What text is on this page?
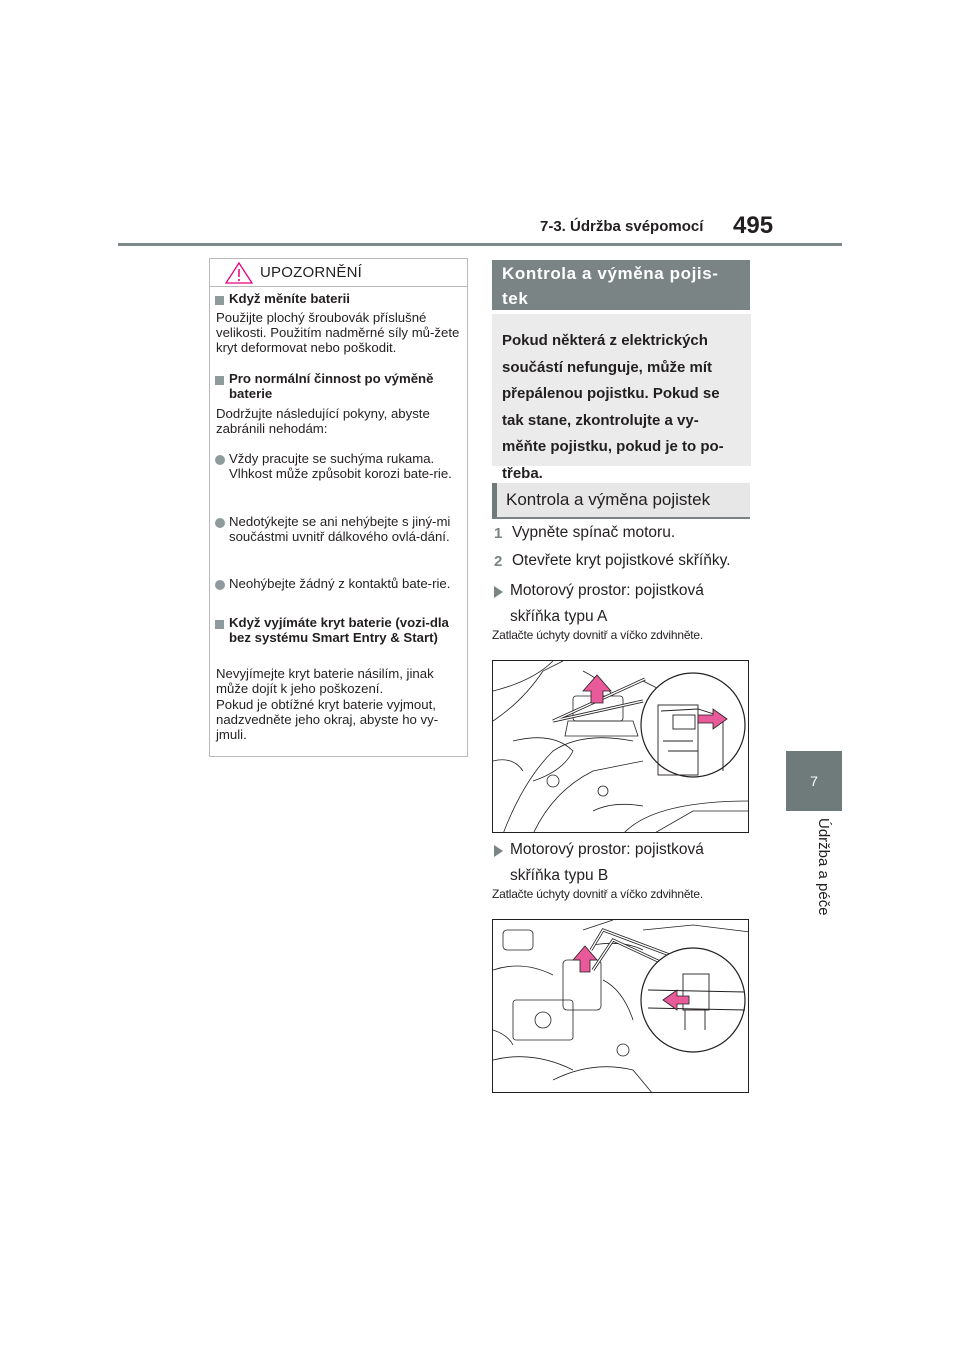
7-3. Údržba svépomocí 495
7
Údržba a péče
UPOZORNĚNÍ
Když měníte baterii
Použijte plochý šroubovák příslušné velikosti. Použitím nadměrné síly mů-žete kryt deformovat nebo poškodit.
Pro normální činnost po výměně baterie
Dodržujte následující pokyny, abyste zabránili nehodám:
Vždy pracujte se suchýma rukama. Vlhkost může způsobit korozi bate-rie.
Nedotýkejte se ani nehýbejte s jiný-mi součástmi uvnitř dálkového ovlá-dání.
Neohýbejte žádný z kontaktů bate-rie.
Když vyjímáte kryt baterie (vozi-dla bez systému Smart Entry & Start)
Nevyjímejte kryt baterie násilím, jinak může dojít k jeho poškození.
Pokud je obtížné kryt baterie vyjmout, nadzvedněte jeho okraj, abyste ho vy-jmuli.
Kontrola a výměna pojis-
tek
Pokud některá z elektrických součástí nefunguje, může mít přepálenou pojistku. Pokud se tak stane, zkontrolujte a vy-měňte pojistku, pokud je to po-třeba.
Kontrola a výměna pojistek
1 Vypněte spínač motoru.
2 Otevřete kryt pojistkové skříňky.
Motorový prostor: pojistková
skříňka typu A
Zatlačte úchyty dovnitř a víčko zdvihněte.
Motorový prostor: pojistková
skříňka typu B
Zatlačte úchyty dovnitř a víčko zdvihněte.
